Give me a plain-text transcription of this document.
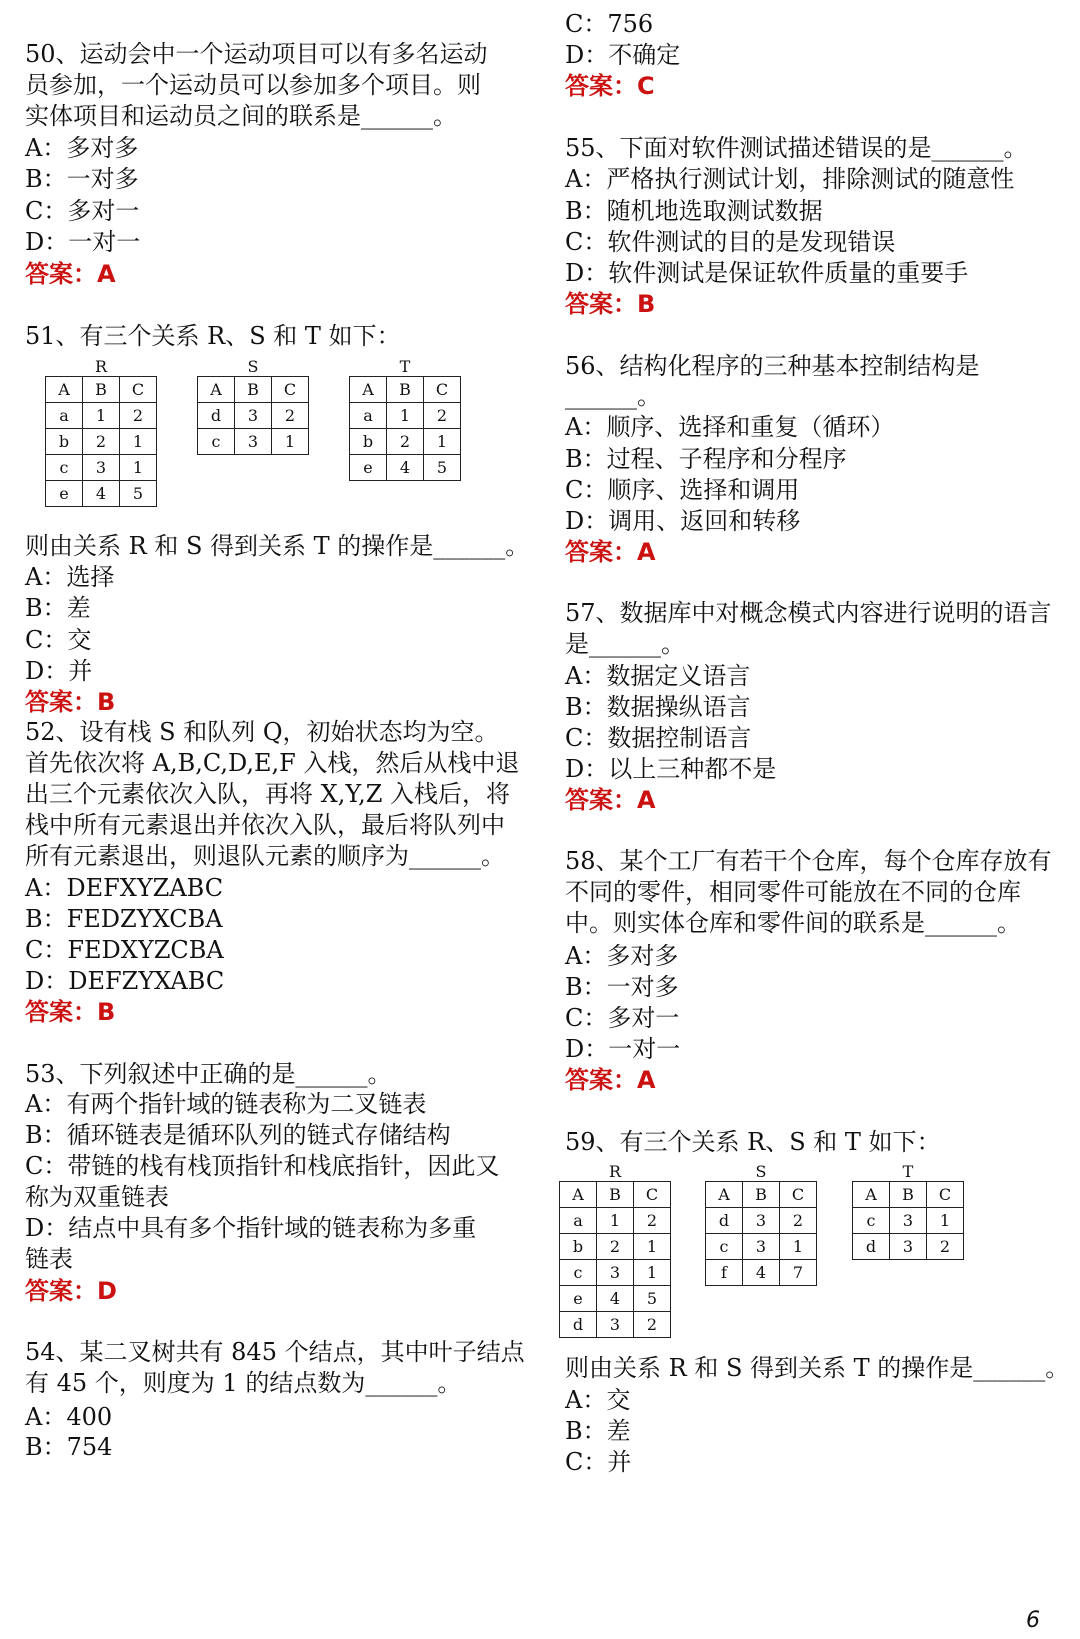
50、运动会中一个运动项目可以有多名运动
员参加，一个运动员可以参加多个项目。则
实体项目和运动员之间的联系是______。
A：多对多
B：一对多
C：多对一
D：一对一
答案：A
51、有三个关系 R、S 和 T 如下：
R
A	B	C
a	1	2
b	2	1
c	3	1
e	4	5
S
A	B	C
d	3	2
c	3	1
T
A	B	C
a	1	2
b	2	1
e	4	5
则由关系 R 和 S 得到关系 T 的操作是______。
A：选择
B：差
C：交
D：并
答案：B
52、设有栈 S 和队列 Q，初始状态均为空。
首先依次将 A,B,C,D,E,F 入栈，然后从栈中退
出三个元素依次入队，再将 X,Y,Z 入栈后，将
栈中所有元素退出并依次入队，最后将队列中
所有元素退出，则退队元素的顺序为______。
A：DEFXYZABC
B：FEDZYXCBA
C：FEDXYZCBA
D：DEFZYXABC
答案：B
53、下列叙述中正确的是______。
A：有两个指针域的链表称为二叉链表
B：循环链表是循环队列的链式存储结构
C：带链的栈有栈顶指针和栈底指针，因此又
称为双重链表
D：结点中具有多个指针域的链表称为多重
链表
答案：D
54、某二叉树共有 845 个结点，其中叶子结点
有 45 个，则度为 1 的结点数为______。
A：400
B：754
C：756
D：不确定
答案：C
55、下面对软件测试描述错误的是______。
A：严格执行测试计划，排除测试的随意性
B：随机地选取测试数据
C：软件测试的目的是发现错误
D：软件测试是保证软件质量的重要手
答案：B
56、结构化程序的三种基本控制结构是
______。
A：顺序、选择和重复（循环）
B：过程、子程序和分程序
C：顺序、选择和调用
D：调用、返回和转移
答案：A
57、数据库中对概念模式内容进行说明的语言
是______。
A：数据定义语言
B：数据操纵语言
C：数据控制语言
D：以上三种都不是
答案：A
58、某个工厂有若干个仓库，每个仓库存放有
不同的零件，相同零件可能放在不同的仓库
中。则实体仓库和零件间的联系是______。
A：多对多
B：一对多
C：多对一
D：一对一
答案：A
59、有三个关系 R、S 和 T 如下：
R
A	B	C
a	1	2
b	2	1
c	3	1
e	4	5
d	3	2
S
A	B	C
d	3	2
c	3	1
f	4	7
T
A	B	C
c	3	1
d	3	2
则由关系 R 和 S 得到关系 T 的操作是______。
A：交
B：差
C：并
6
